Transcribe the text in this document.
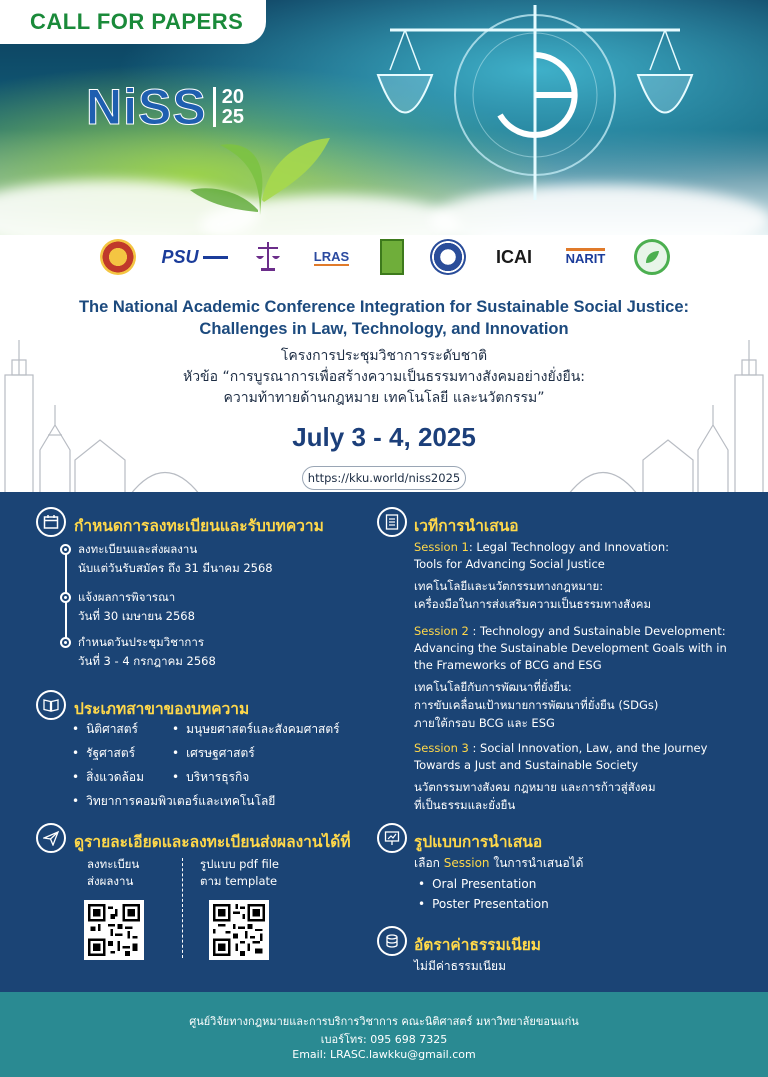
CALL FOR PAPERS
NiSS 20
25
PSU	LRAS	ICAI	NARIT
The National Academic Conference Integration for Sustainable Social Justice:
Challenges in Law, Technology, and Innovation
โครงการประชุมวิชาการระดับชาติ
หัวข้อ “การบูรณาการเพื่อสร้างความเป็นธรรมทางสังคมอย่างยั่งยืน:
ความท้าทายด้านกฎหมาย เทคโนโลยี และนวัตกรรม”
July 3 - 4, 2025
https://kku.world/niss2025
กำหนดการลงทะเบียนและรับบทความ
ลงทะเบียนและส่งผลงาน
นับแต่วันรับสมัคร ถึง 31 มีนาคม 2568
แจ้งผลการพิจารณา
วันที่ 30 เมษายน 2568
กำหนดวันประชุมวิชาการ
วันที่ 3 - 4 กรกฎาคม 2568
ประเภทสาขาของบทความ
• นิติศาสตร์	• มนุษยศาสตร์และสังคมศาสตร์
• รัฐศาสตร์	• เศรษฐศาสตร์
• สิ่งแวดล้อม	• บริหารธุรกิจ
• วิทยาการคอมพิวเตอร์และเทคโนโลยี
ดูรายละเอียดและลงทะเบียนส่งผลงานได้ที่
ลงทะเบียน
ส่งผลงาน
รูปแบบ pdf file
ตาม template
เวทีการนำเสนอ
Session 1: Legal Technology and Innovation:
Tools for Advancing Social Justice
เทคโนโลยีและนวัตกรรมทางกฎหมาย:
เครื่องมือในการส่งเสริมความเป็นธรรมทางสังคม
Session 2 : Technology and Sustainable Development:
Advancing the Sustainable Development Goals with in
the Frameworks of BCG and ESG
เทคโนโลยีกับการพัฒนาที่ยั่งยืน:
การขับเคลื่อนเป้าหมายการพัฒนาที่ยั่งยืน (SDGs)
ภายใต้กรอบ BCG และ ESG
Session 3 : Social Innovation, Law, and the Journey
Towards a Just and Sustainable Society
นวัตกรรมทางสังคม กฎหมาย และการก้าวสู่สังคม
ที่เป็นธรรมและยั่งยืน
รูปแบบการนำเสนอ
เลือก Session ในการนำเสนอได้
• Oral Presentation
• Poster Presentation
อัตราค่าธรรมเนียม
ไม่มีค่าธรรมเนียม
ศูนย์วิจัยทางกฎหมายและการบริการวิชาการ คณะนิติศาสตร์ มหาวิทยาลัยขอนแก่น
เบอร์โทร: 095 698 7325
Email: LRASC.lawkku@gmail.com
